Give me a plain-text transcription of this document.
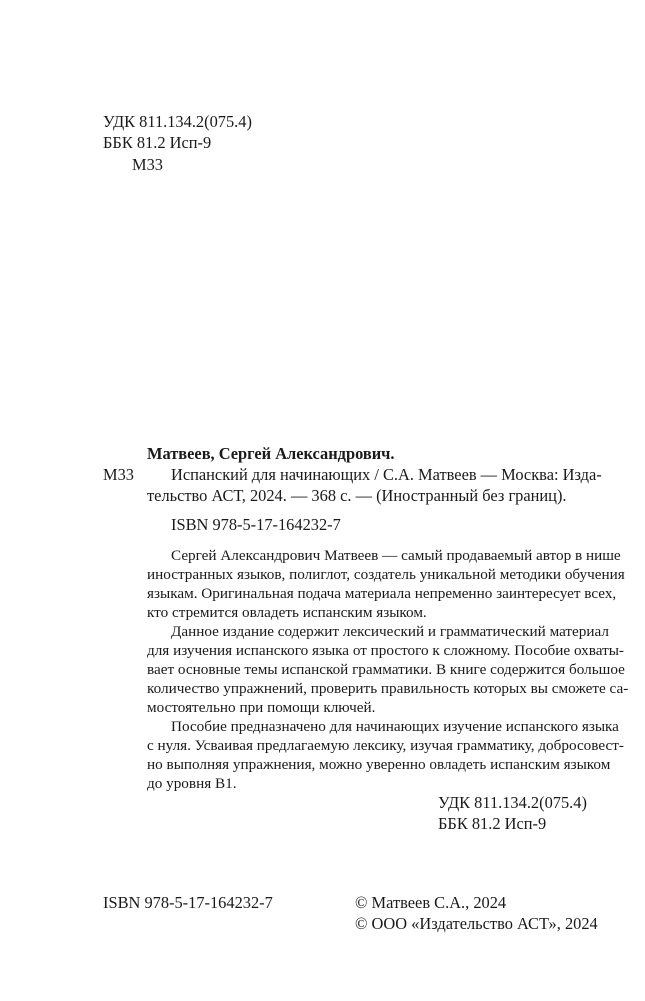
УДК 811.134.2(075.4)
ББК 81.2 Исп-9
М33
Матвеев, Сергей Александрович.
М33 Испанский для начинающих / С.А. Матвеев — Москва: Изда-
тельство АСТ, 2024. — 368 с. — (Иностранный без границ).
ISBN 978-5-17-164232-7
Сергей Александрович Матвеев — самый продаваемый автор в нише
иностранных языков, полиглот, создатель уникальной методики обучения
языкам. Оригинальная подача материала непременно заинтересует всех,
кто стремится овладеть испанским языком.
Данное издание содержит лексический и грамматический материал
для изучения испанского языка от простого к сложному. Пособие охваты-
вает основные темы испанской грамматики. В книге содержится большое
количество упражнений, проверить правильность которых вы сможете са-
мостоятельно при помощи ключей.
Пособие предназначено для начинающих изучение испанского языка
с нуля. Усваивая предлагаемую лексику, изучая грамматику, добросовест-
но выполняя упражнения, можно уверенно овладеть испанским языком
до уровня B1.
УДК 811.134.2(075.4)
ББК 81.2 Исп-9
ISBN 978-5-17-164232-7	© Матвеев С.А., 2024
© ООО «Издательство АСТ», 2024
